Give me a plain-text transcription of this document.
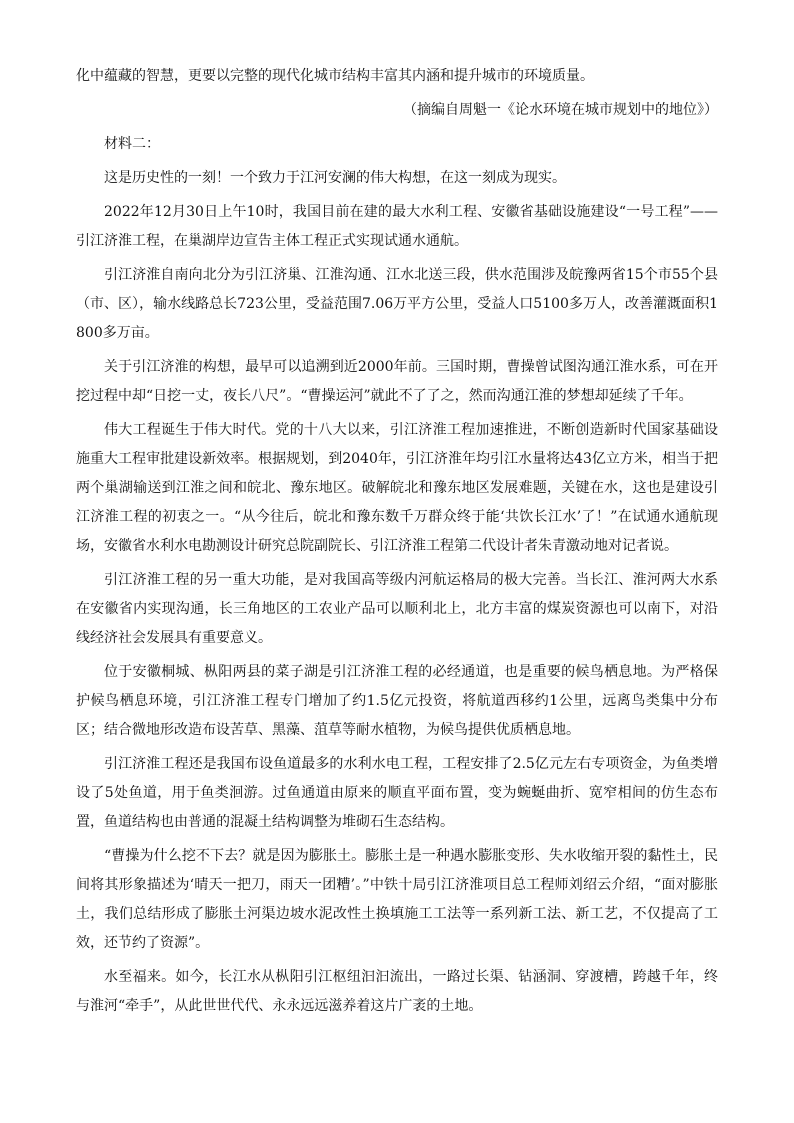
化中蕴藏的智慧，更要以完整的现代化城市结构丰富其内涵和提升城市的环境质量。

（摘编自周魁一《论水环境在城市规划中的地位》）

材料二：

这是历史性的一刻！一个致力于江河安澜的伟大构想，在这一刻成为现实。

2022年12月30日上午10时，我国目前在建的最大水利工程、安徽省基础设施建设“一号工程”——引江济淮工程，在巢湖岸边宣告主体工程正式实现试通水通航。

引江济淮自南向北分为引江济巢、江淮沟通、江水北送三段，供水范围涉及皖豫两省15个市55个县（市、区），输水线路总长723公里，受益范围7.06万平方公里，受益人口5100多万人，改善灌溉面积1800多万亩。

关于引江济淮的构想，最早可以追溯到近2000年前。三国时期，曹操曾试图沟通江淮水系，可在开挖过程中却“日挖一丈，夜长八尺”。“曹操运河”就此不了了之，然而沟通江淮的梦想却延续了千年。

伟大工程诞生于伟大时代。党的十八大以来，引江济淮工程加速推进，不断创造新时代国家基础设施重大工程审批建设新效率。根据规划，到2040年，引江济淮年均引江水量将达43亿立方米，相当于把两个巢湖输送到江淮之间和皖北、豫东地区。破解皖北和豫东地区发展难题，关键在水，这也是建设引江济淮工程的初衷之一。“从今往后，皖北和豫东数千万群众终于能‘共饮长江水’了！”在试通水通航现场，安徽省水利水电勘测设计研究总院副院长、引江济淮工程第二代设计者朱青激动地对记者说。

引江济淮工程的另一重大功能，是对我国高等级内河航运格局的极大完善。当长江、淮河两大水系在安徽省内实现沟通，长三角地区的工农业产品可以顺利北上，北方丰富的煤炭资源也可以南下，对沿线经济社会发展具有重要意义。

位于安徽桐城、枞阳两县的菜子湖是引江济淮工程的必经通道，也是重要的候鸟栖息地。为严格保护候鸟栖息环境，引江济淮工程专门增加了约1.5亿元投资，将航道西移约1公里，远离鸟类集中分布区；结合微地形改造布设苦草、黑藻、菹草等耐水植物，为候鸟提供优质栖息地。

引江济淮工程还是我国布设鱼道最多的水利水电工程，工程安排了2.5亿元左右专项资金，为鱼类增设了5处鱼道，用于鱼类洄游。过鱼通道由原来的顺直平面布置，变为蜿蜒曲折、宽窄相间的仿生态布置，鱼道结构也由普通的混凝土结构调整为堆砌石生态结构。

“曹操为什么挖不下去？就是因为膨胀土。膨胀土是一种遇水膨胀变形、失水收缩开裂的黏性土，民间将其形象描述为‘晴天一把刀，雨天一团糟’。”中铁十局引江济淮项目总工程师刘绍云介绍，“面对膨胀土，我们总结形成了膨胀土河渠边坡水泥改性土换填施工工法等一系列新工法、新工艺，不仅提高了工效，还节约了资源”。

水至福来。如今，长江水从枞阳引江枢纽汩汩流出，一路过长渠、钻涵洞、穿渡槽，跨越千年，终与淮河“牵手”，从此世世代代、永永远远滋养着这片广袤的土地。
